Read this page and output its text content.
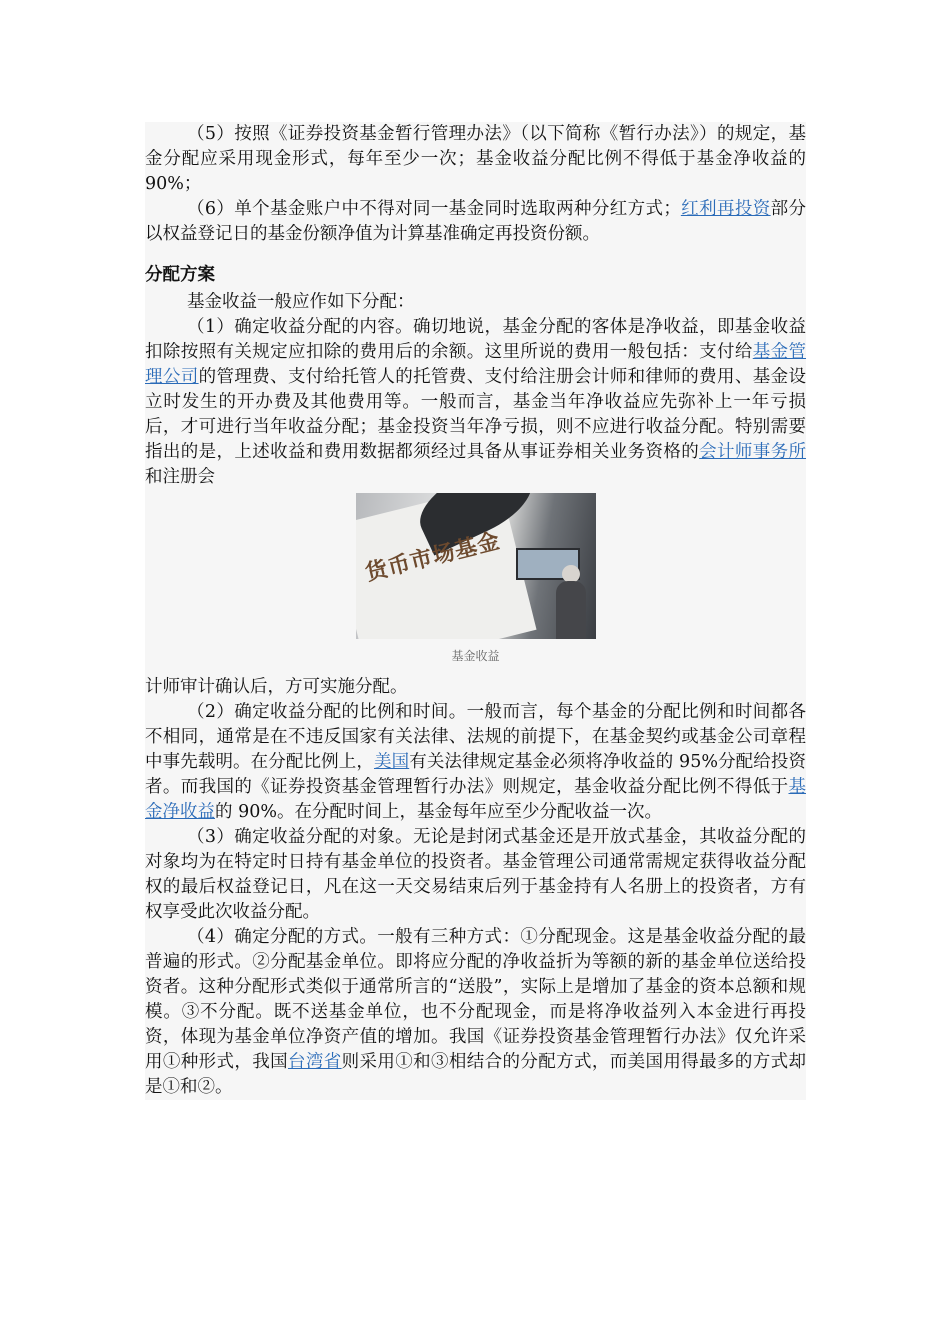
（5）按照《证券投资基金暂行管理办法》（以下简称《暂行办法》）的规定，基金分配应采用现金形式，每年至少一次；基金收益分配比例不得低于基金净收益的 90%；

（6）单个基金账户中不得对同一基金同时选取两种分红方式；红利再投资部分以权益登记日的基金份额净值为计算基准确定再投资份额。

分配方案

基金收益一般应作如下分配：

（1）确定收益分配的内容。确切地说，基金分配的客体是净收益，即基金收益扣除按照有关规定应扣除的费用后的余额。这里所说的费用一般包括：支付给基金管理公司的管理费、支付给托管人的托管费、支付给注册会计师和律师的费用、基金设立时发生的开办费及其他费用等。一般而言，基金当年净收益应先弥补上一年亏损后，才可进行当年收益分配；基金投资当年净亏损，则不应进行收益分配。特别需要指出的是，上述收益和费用数据都须经过具备从事证券相关业务资格的会计师事务所和注册会

货币市场基金
基金收益

计师审计确认后，方可实施分配。

（2）确定收益分配的比例和时间。一般而言，每个基金的分配比例和时间都各不相同，通常是在不违反国家有关法律、法规的前提下，在基金契约或基金公司章程中事先载明。在分配比例上，美国有关法律规定基金必须将净收益的 95%分配给投资者。而我国的《证券投资基金管理暂行办法》则规定，基金收益分配比例不得低于基金净收益的 90%。在分配时间上，基金每年应至少分配收益一次。

（3）确定收益分配的对象。无论是封闭式基金还是开放式基金，其收益分配的对象均为在特定时日持有基金单位的投资者。基金管理公司通常需规定获得收益分配权的最后权益登记日，凡在这一天交易结束后列于基金持有人名册上的投资者，方有权享受此次收益分配。

（4）确定分配的方式。一般有三种方式：①分配现金。这是基金收益分配的最普遍的形式。②分配基金单位。即将应分配的净收益折为等额的新的基金单位送给投资者。这种分配形式类似于通常所言的“送股”，实际上是增加了基金的资本总额和规模。③不分配。既不送基金单位，也不分配现金，而是将净收益列入本金进行再投资，体现为基金单位净资产值的增加。我国《证券投资基金管理暂行办法》仅允许采用①种形式，我国台湾省则采用①和③相结合的分配方式，而美国用得最多的方式却是①和②。
